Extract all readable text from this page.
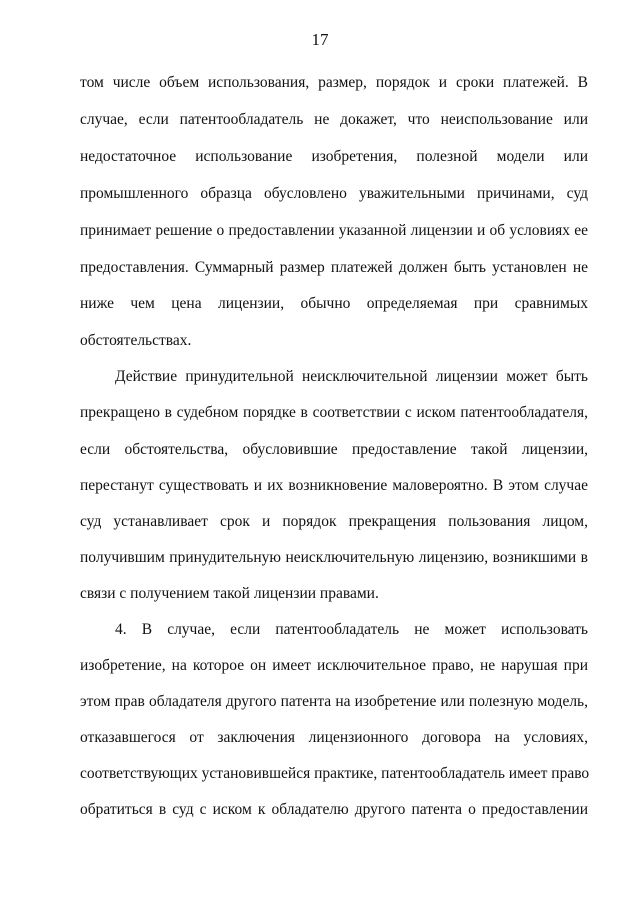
17
том числе объем использования, размер, порядок и сроки платежей. В
случае, если патентообладатель не докажет, что неиспользование или
недостаточное использование изобретения, полезной модели или
промышленного образца обусловлено уважительными причинами, суд
принимает решение о предоставлении указанной лицензии и об условиях ее
предоставления. Суммарный размер платежей должен быть установлен не
ниже чем цена лицензии, обычно определяемая при сравнимых
обстоятельствах.
Действие принудительной неисключительной лицензии может быть
прекращено в судебном порядке в соответствии с иском патентообладателя,
если обстоятельства, обусловившие предоставление такой лицензии,
перестанут существовать и их возникновение маловероятно. В этом случае
суд устанавливает срок и порядок прекращения пользования лицом,
получившим принудительную неисключительную лицензию, возникшими в
связи с получением такой лицензии правами.
4. В случае, если патентообладатель не может использовать
изобретение, на которое он имеет исключительное право, не нарушая при
этом прав обладателя другого патента на изобретение или полезную модель,
отказавшегося от заключения лицензионного договора на условиях,
соответствующих установившейся практике, патентообладатель имеет право
обратиться в суд с иском к обладателю другого патента о предоставлении
